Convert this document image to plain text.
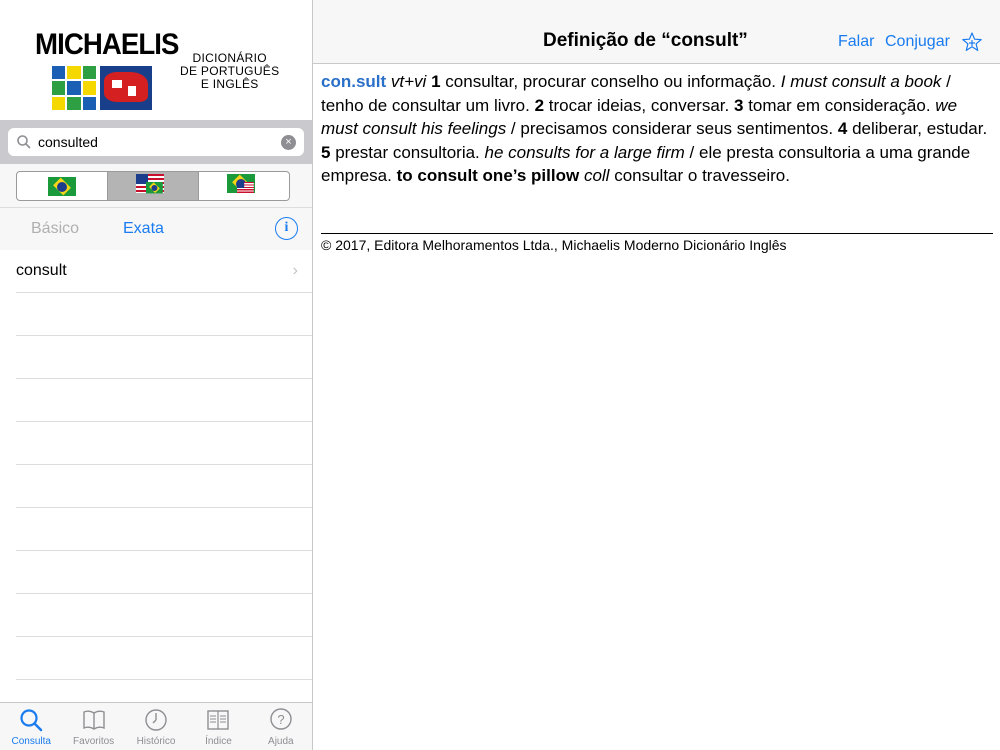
MICHAELIS	DICIONÁRIO
DE PORTUGUÊS
E INGLÊS
consulted
×
Básico	Exata	i
consult	›
Consulta Favoritos Histórico	Índice
?
Ajuda
Definição de “consult”	Falar Conjugar
con.sult vt+vi 1 consultar, procurar conselho ou informação. I must consult a book / tenho de consultar um livro. 2 trocar ideias, conversar. 3 tomar em consideração. we must consult his feelings / precisamos considerar seus sentimentos. 4 deliberar, estudar. 5 prestar consultoria. he consults for a large firm / ele presta consultoria a uma grande empresa. to consult one’s pillow coll consultar o travesseiro.
© 2017, Editora Melhoramentos Ltda., Michaelis Moderno Dicionário Inglês
